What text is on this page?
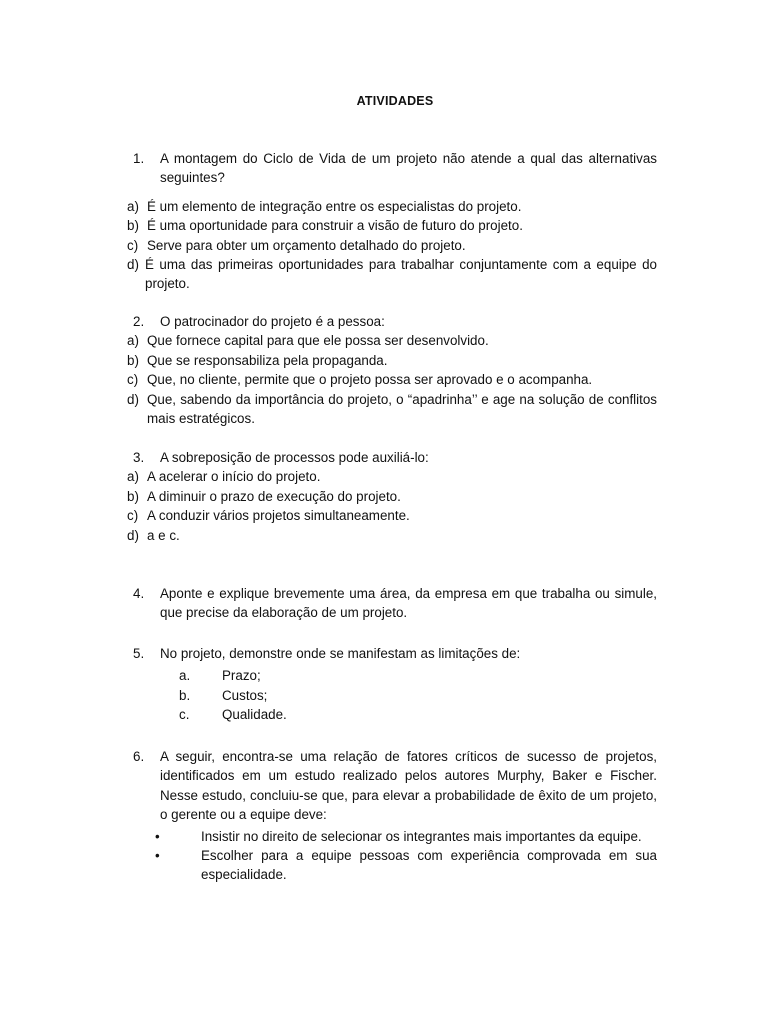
ATIVIDADES
1.	A montagem do Ciclo de Vida de um projeto não atende a qual das alternativas seguintes?
a) É um elemento de integração entre os especialistas do projeto.
b) É uma oportunidade para construir a visão de futuro do projeto.
c) Serve para obter um orçamento detalhado do projeto.
d) É uma das primeiras oportunidades para trabalhar conjuntamente com a equipe do projeto.
2.	O patrocinador do projeto é a pessoa:
a) Que fornece capital para que ele possa ser desenvolvido.
b) Que se responsabiliza pela propaganda.
c) Que, no cliente, permite que o projeto possa ser aprovado e o acompanha.
d) Que, sabendo da importância do projeto, o “apadrinha’’ e age na solução de conflitos mais estratégicos.
3.	A sobreposição de processos pode auxiliá-lo:
a) A acelerar o início do projeto.
b) A diminuir o prazo de execução do projeto.
c) A conduzir vários projetos simultaneamente.
d) a e c.
4.	Aponte e explique brevemente uma área, da empresa em que trabalha ou simule, que precise da elaboração de um projeto.
5.	No projeto, demonstre onde se manifestam as limitações de:
a.	Prazo;
b.	Custos;
c.	Qualidade.
6.	A seguir, encontra-se uma relação de fatores críticos de sucesso de projetos, identificados em um estudo realizado pelos autores Murphy, Baker e Fischer. Nesse estudo, concluiu-se que, para elevar a probabilidade de êxito de um projeto, o gerente ou a equipe deve:
•	Insistir no direito de selecionar os integrantes mais importantes da equipe.
•	Escolher para a equipe pessoas com experiência comprovada em sua especialidade.
